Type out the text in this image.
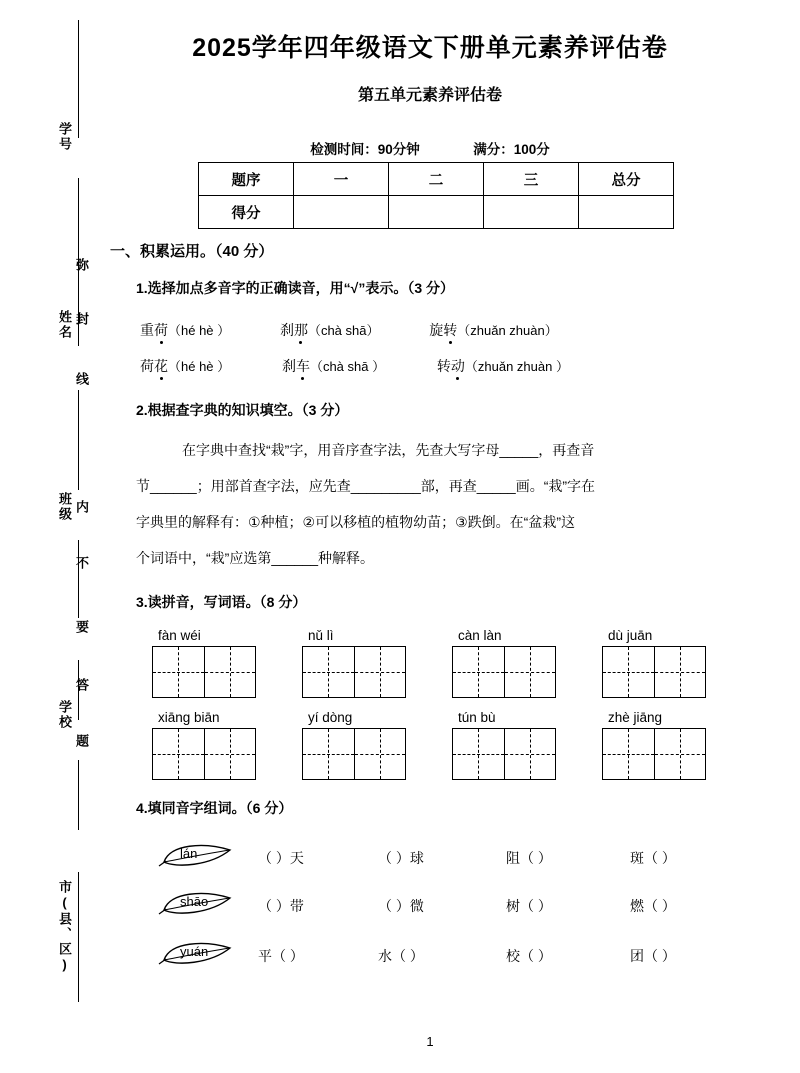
学号
姓名
班级
学校
市(县、区)
弥
封
线
内
不
要
答
题
2025学年四年级语文下册单元素养评估卷
第五单元素养评估卷
检测时间：90分钟	满分：100分
题序	一	二	三	总分
得分				
一、积累运用。（40 分）
1.选择加点多音字的正确读音，用“√”表示。（3 分）
重荷（hé hè ）	刹那（chà shā）	旋转（zhuǎn zhuàn）
荷花（hé hè ）	刹车（chà shā ）	转动（zhuǎn zhuàn ）
2.根据查字典的知识填空。（3 分）
在字典中查找“栽”字，用音序查字法，先查大写字母_____，再查音
节______；用部首查字法，应先查_________部，再查_____画。“栽”字在
字典里的解释有：①种植；②可以移植的植物幼苗；③跌倒。在“盆栽”这
个词语中，“栽”应选第______种解释。
3.读拼音，写词语。（8 分）
fàn wéi	nǔ lì	càn làn	dù juān
xiāng biān	yí dòng	tún bù	zhè jiāng
4.填同音字组词。（6 分）
lán	（ ）天	（ ）球	阻（ ）	斑（ ）
shāo	（ ）带	（ ）微	树（ ）	燃（ ）
yuán	平（ ）	水（ ）	校（ ）	团（ ）
1
